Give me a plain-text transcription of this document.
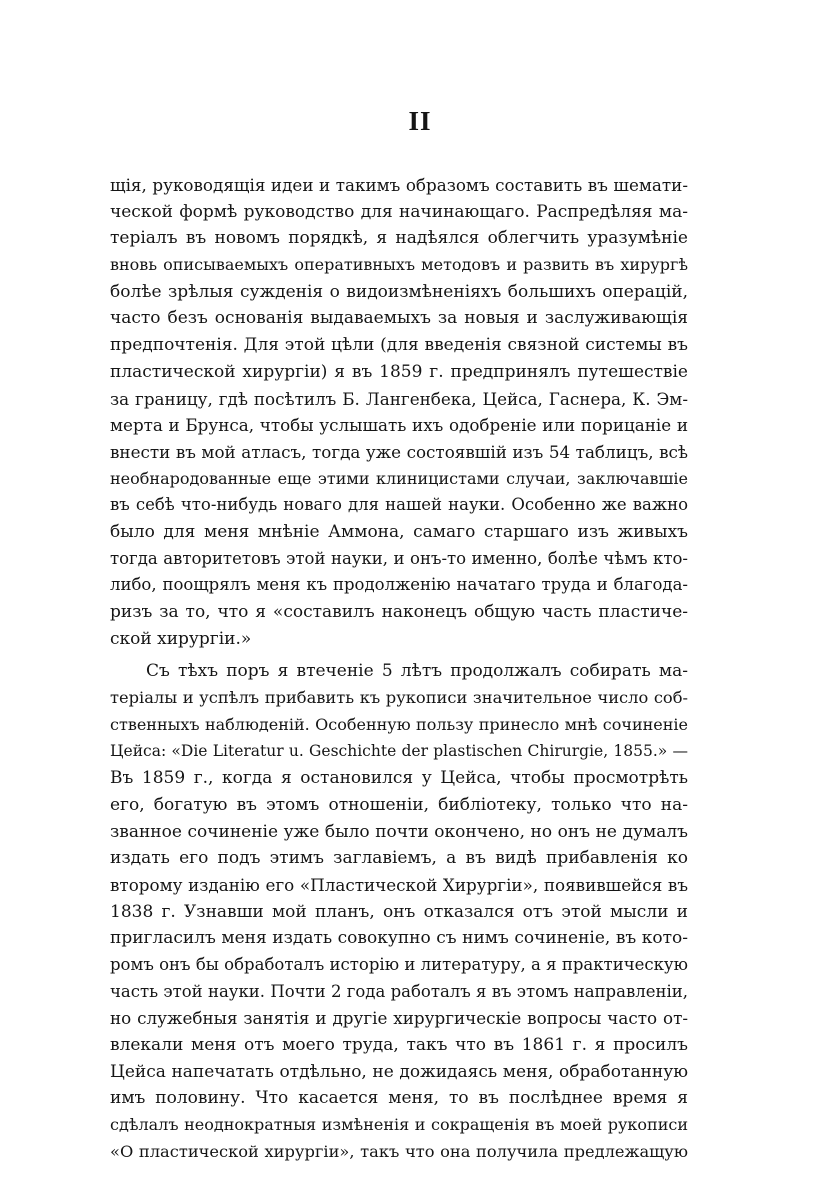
II
щія, руководящія идеи и такимъ образомъ составить въ шемати-
ческой формѣ руководство для начинающаго. Распредѣляя ма-
теріалъ въ новомъ порядкѣ, я надѣялся облегчить уразумѣніе
вновь описываемыхъ оперативныхъ методовъ и развить въ хирургѣ
болѣе зрѣлыя сужденія о видоизмѣненіяхъ большихъ операцій,
часто безъ основанія выдаваемыхъ за новыя и заслуживающія
предпочтенія. Для этой цѣли (для введенія связной системы въ
пластической хирургіи) я въ 1859 г. предпринялъ путешествіе
за границу, гдѣ посѣтилъ Б. Лангенбека, Цейса, Гаснера, К. Эм-
мерта и Брунса, чтобы услышать ихъ одобреніе или порицаніе и
внести въ мой атласъ, тогда уже состоявшій изъ 54 таблицъ, всѣ
необнародованные еще этими клиницистами случаи, заключавшіе
въ себѣ что-нибудь новаго для нашей науки. Особенно же важно
было для меня мнѣніе Аммона, самаго старшаго изъ живыхъ
тогда авторитетовъ этой науки, и онъ-то именно, болѣе чѣмъ кто-
либо, поощрялъ меня къ продолженію начатаго труда и благода-
ризъ за то, что я «составилъ наконецъ общую часть пластиче-
ской хирургіи.»
Съ тѣхъ поръ я втеченіе 5 лѣтъ продолжалъ собирать ма-
теріалы и успѣлъ прибавить къ рукописи значительное число соб-
ственныхъ наблюденій. Особенную пользу принесло мнѣ сочиненіе
Цейса: «Die Literatur u. Geschichte der plastischen Chirurgie, 1855.» —
Въ 1859 г., когда я остановился у Цейса, чтобы просмотрѣть
его, богатую въ этомъ отношеніи, библіотеку, только что на-
званное сочиненіе уже было почти окончено, но онъ не думалъ
издать его подъ этимъ заглавіемъ, а въ видѣ прибавленія ко
второму изданію его «Пластической Хирургіи», появившейся въ
1838 г. Узнавши мой планъ, онъ отказался отъ этой мысли и
пригласилъ меня издать совокупно съ нимъ сочиненіе, въ кото-
ромъ онъ бы обработалъ исторію и литературу, а я практическую
часть этой науки. Почти 2 года работалъ я въ этомъ направленіи,
но служебныя занятія и другіе хирургическіе вопросы часто от-
влекали меня отъ моего труда, такъ что въ 1861 г. я просилъ
Цейса напечатать отдѣльно, не дожидаясь меня, обработанную
имъ половину. Что касается меня, то въ послѣднее время я
сдѣлалъ неоднократныя измѣненія и сокращенія въ моей рукописи
«О пластической хирургіи», такъ что она получила предлежащую
